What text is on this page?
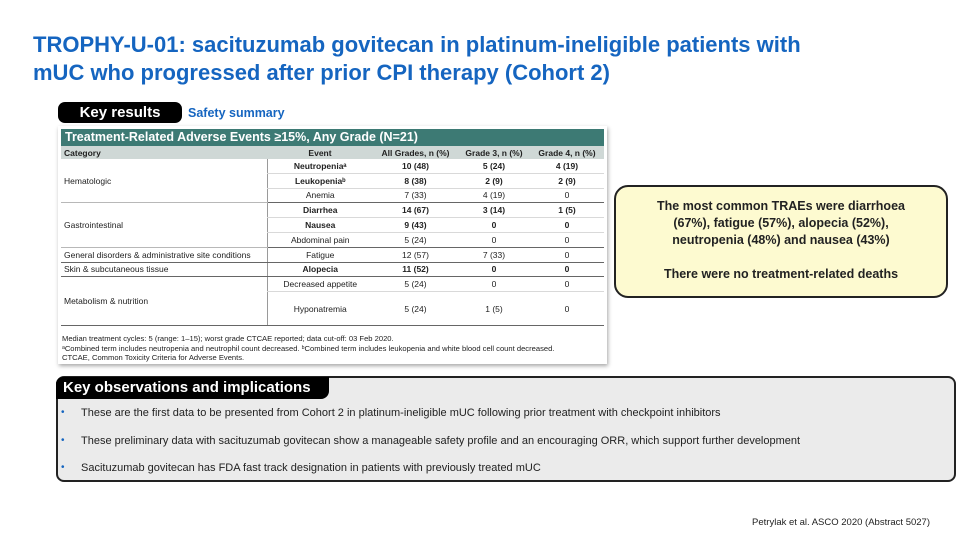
TROPHY-U-01: sacituzumab govitecan in platinum-ineligible patients with
mUC who progressed after prior CPI therapy (Cohort 2)
Key results	Safety summary
Treatment-Related Adverse Events ≥15%, Any Grade (N=21)
Category	Event	All Grades, n (%)	Grade 3, n (%)	Grade 4, n (%)
Hematologic	Neutropeniaᵃ	10 (48)	5 (24)	4 (19)
	Leukopeniaᵇ	8 (38)	2 (9)	2 (9)
	Anemia	7 (33)	4 (19)	0
Gastrointestinal	Diarrhea	14 (67)	3 (14)	1 (5)
	Nausea	9 (43)	0	0
	Abdominal pain	5 (24)	0	0
General disorders & administrative site conditions	Fatigue	12 (57)	7 (33)	0
Skin & subcutaneous tissue	Alopecia	11 (52)	0	0
Metabolism & nutrition	Decreased appetite	5 (24)	0	0
	Hyponatremia	5 (24)	1 (5)	0
Median treatment cycles: 5 (range: 1–15); worst grade CTCAE reported; data cut-off: 03 Feb 2020.
ᵃCombined term includes neutropenia and neutrophil count decreased. ᵇCombined term includes leukopenia and white blood cell count decreased.
CTCAE, Common Toxicity Criteria for Adverse Events.

The most common TRAEs were diarrhoea

(67%), fatigue (57%), alopecia (52%),

neutropenia (48%) and nausea (43%)

There were no treatment-related deaths

Key observations and implications
• These are the first data to be presented from Cohort 2 in platinum-ineligible mUC following prior treatment with checkpoint inhibitors
• These preliminary data with sacituzumab govitecan show a manageable safety profile and an encouraging ORR, which support further development
• Sacituzumab govitecan has FDA fast track designation in patients with previously treated mUC
Petrylak et al. ASCO 2020 (Abstract 5027)
